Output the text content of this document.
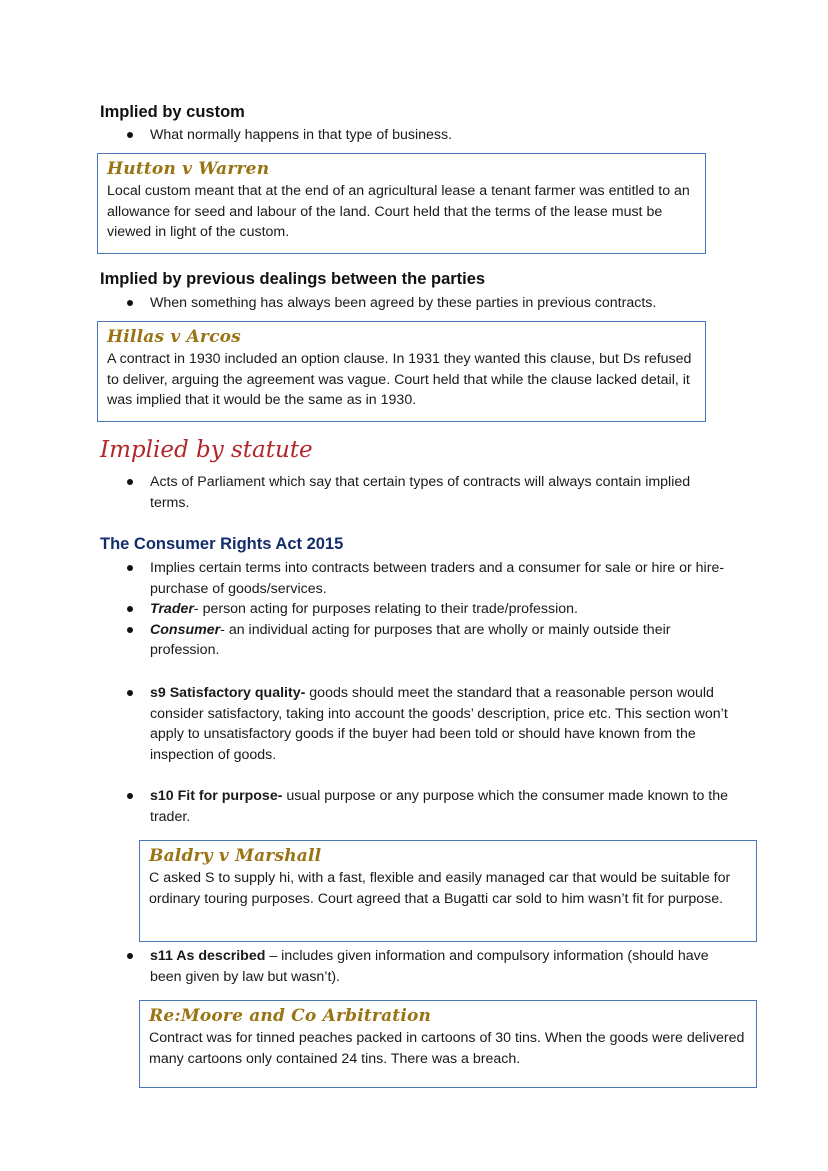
Implied by custom
What normally happens in that type of business.

Hutton v Warren

Local custom meant that at the end of an agricultural lease a tenant farmer was entitled to an allowance for seed and labour of the land. Court held that the terms of the lease must be viewed in light of the custom.

Implied by previous dealings between the parties
When something has always been agreed by these parties in previous contracts.

Hillas v Arcos

A contract in 1930 included an option clause. In 1931 they wanted this clause, but Ds refused to deliver, arguing the agreement was vague. Court held that while the clause lacked detail, it was implied that it would be the same as in 1930.

Implied by statute
Acts of Parliament which say that certain types of contracts will always contain implied terms.
The Consumer Rights Act 2015
Implies certain terms into contracts between traders and a consumer for sale or hire or hire-purchase of goods/services.
Trader- person acting for purposes relating to their trade/profession.
Consumer- an individual acting for purposes that are wholly or mainly outside their profession.
s9 Satisfactory quality- goods should meet the standard that a reasonable person would consider satisfactory, taking into account the goods’ description, price etc. This section won’t apply to unsatisfactory goods if the buyer had been told or should have known from the inspection of goods.
s10 Fit for purpose- usual purpose or any purpose which the consumer made known to the trader.

Baldry v Marshall

C asked S to supply hi, with a fast, flexible and easily managed car that would be suitable for ordinary touring purposes. Court agreed that a Bugatti car sold to him wasn’t fit for purpose.

s11 As described – includes given information and compulsory information (should have been given by law but wasn’t).

Re:Moore and Co Arbitration

Contract was for tinned peaches packed in cartoons of 30 tins. When the goods were delivered many cartoons only contained 24 tins. There was a breach.
